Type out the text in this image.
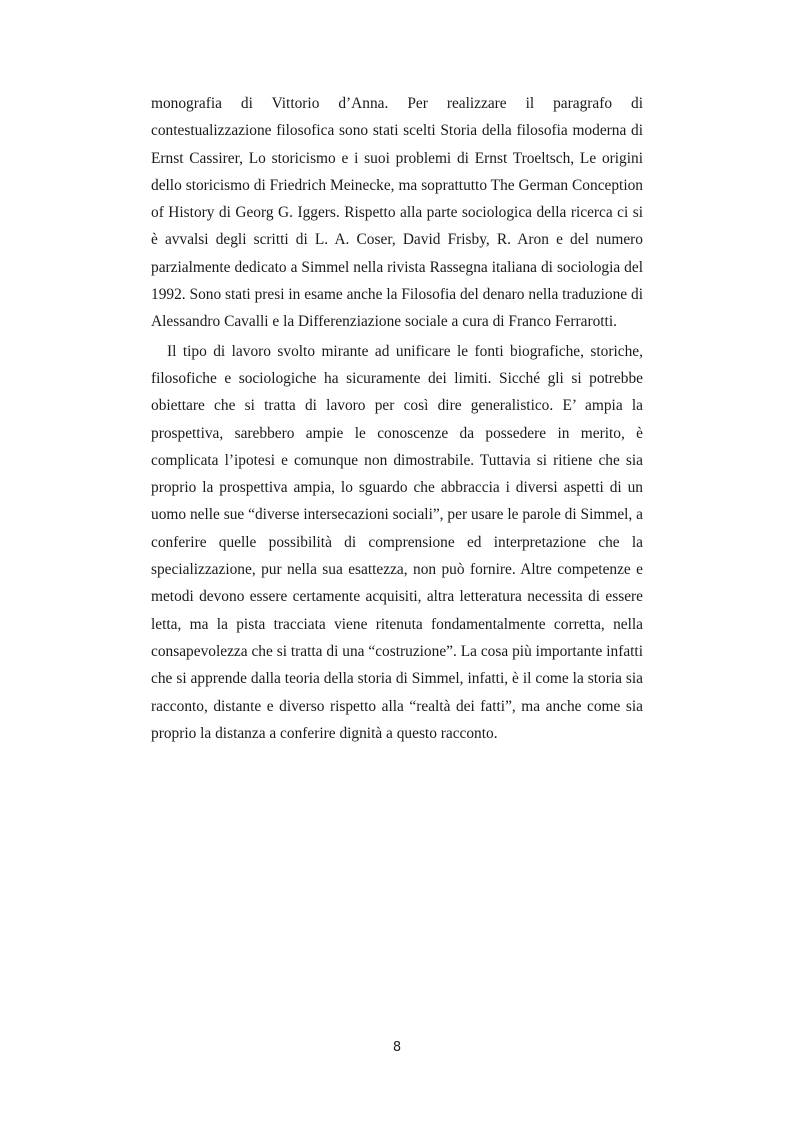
monografia di Vittorio d’Anna. Per realizzare il paragrafo di contestualizzazione filosofica sono stati scelti Storia della filosofia moderna di Ernst Cassirer, Lo storicismo e i suoi problemi di Ernst Troeltsch, Le origini dello storicismo di Friedrich Meinecke, ma soprattutto The German Conception of History di Georg G. Iggers. Rispetto alla parte sociologica della ricerca ci si è avvalsi degli scritti di L. A. Coser, David Frisby, R. Aron e del numero parzialmente dedicato a Simmel nella rivista Rassegna italiana di sociologia del 1992. Sono stati presi in esame anche la Filosofia del denaro nella traduzione di Alessandro Cavalli e la Differenziazione sociale a cura di Franco Ferrarotti.

Il tipo di lavoro svolto mirante ad unificare le fonti biografiche, storiche, filosofiche e sociologiche ha sicuramente dei limiti. Sicché gli si potrebbe obiettare che si tratta di lavoro per così dire generalistico. E’ ampia la prospettiva, sarebbero ampie le conoscenze da possedere in merito, è complicata l’ipotesi e comunque non dimostrabile. Tuttavia si ritiene che sia proprio la prospettiva ampia, lo sguardo che abbraccia i diversi aspetti di un uomo nelle sue “diverse intersecazioni sociali”, per usare le parole di Simmel, a conferire quelle possibilità di comprensione ed interpretazione che la specializzazione, pur nella sua esattezza, non può fornire. Altre competenze e metodi devono essere certamente acquisiti, altra letteratura necessita di essere letta, ma la pista tracciata viene ritenuta fondamentalmente corretta, nella consapevolezza che si tratta di una “costruzione”. La cosa più importante infatti che si apprende dalla teoria della storia di Simmel, infatti, è il come la storia sia racconto, distante e diverso rispetto alla “realtà dei fatti”, ma anche come sia proprio la distanza a conferire dignità a questo racconto.

8
